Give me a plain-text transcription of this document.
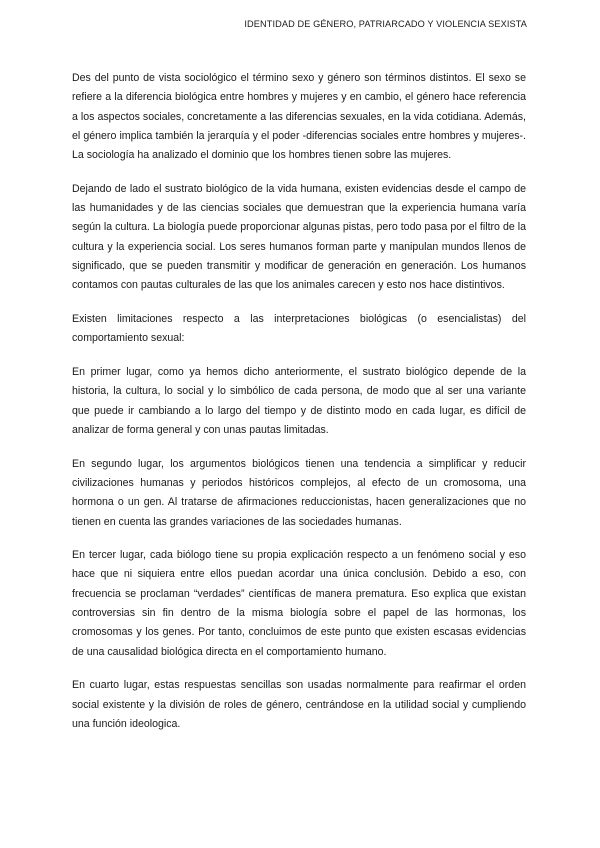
IDENTIDAD DE GÉNERO, PATRIARCADO Y VIOLENCIA SEXISTA

Des del punto de vista sociológico el término sexo y género son términos distintos. El sexo se refiere a la diferencia biológica entre hombres y mujeres y en cambio, el género hace referencia a los aspectos sociales, concretamente a las diferencias sexuales, en la vida cotidiana. Además, el género implica también la jerarquía y el poder -diferencias sociales entre hombres y mujeres-. La sociología ha analizado el dominio que los hombres tienen sobre las mujeres.

Dejando de lado el sustrato biológico de la vida humana, existen evidencias desde el campo de las humanidades y de las ciencias sociales que demuestran que la experiencia humana varía según la cultura. La biología puede proporcionar algunas pistas, pero todo pasa por el filtro de la cultura y la experiencia social. Los seres humanos forman parte y manipulan mundos llenos de significado, que se pueden transmitir y modificar de generación en generación. Los humanos contamos con pautas culturales de las que los animales carecen y esto nos hace distintivos.

Existen limitaciones respecto a las interpretaciones biológicas (o esencialistas) del comportamiento sexual:

En primer lugar, como ya hemos dicho anteriormente, el sustrato biológico depende de la historia, la cultura, lo social y lo simbólico de cada persona, de modo que al ser una variante que puede ir cambiando a lo largo del tiempo y de distinto modo en cada lugar, es difícil de analizar de forma general y con unas pautas limitadas.

En segundo lugar, los argumentos biológicos tienen una tendencia a simplificar y reducir civilizaciones humanas y periodos históricos complejos, al efecto de un cromosoma, una hormona o un gen. Al tratarse de afirmaciones reduccionistas, hacen generalizaciones que no tienen en cuenta las grandes variaciones de las sociedades humanas.

En tercer lugar, cada biólogo tiene su propia explicación respecto a un fenómeno social y eso hace que ni siquiera entre ellos puedan acordar una única conclusión. Debido a eso, con frecuencia se proclaman “verdades” científicas de manera prematura. Eso explica que existan controversias sin fin dentro de la misma biología sobre el papel de las hormonas, los cromosomas y los genes. Por tanto, concluimos de este punto que existen escasas evidencias de una causalidad biológica directa en el comportamiento humano.

En cuarto lugar, estas respuestas sencillas son usadas normalmente para reafirmar el orden social existente y la división de roles de género, centrándose en la utilidad social y cumpliendo una función ideologica.
